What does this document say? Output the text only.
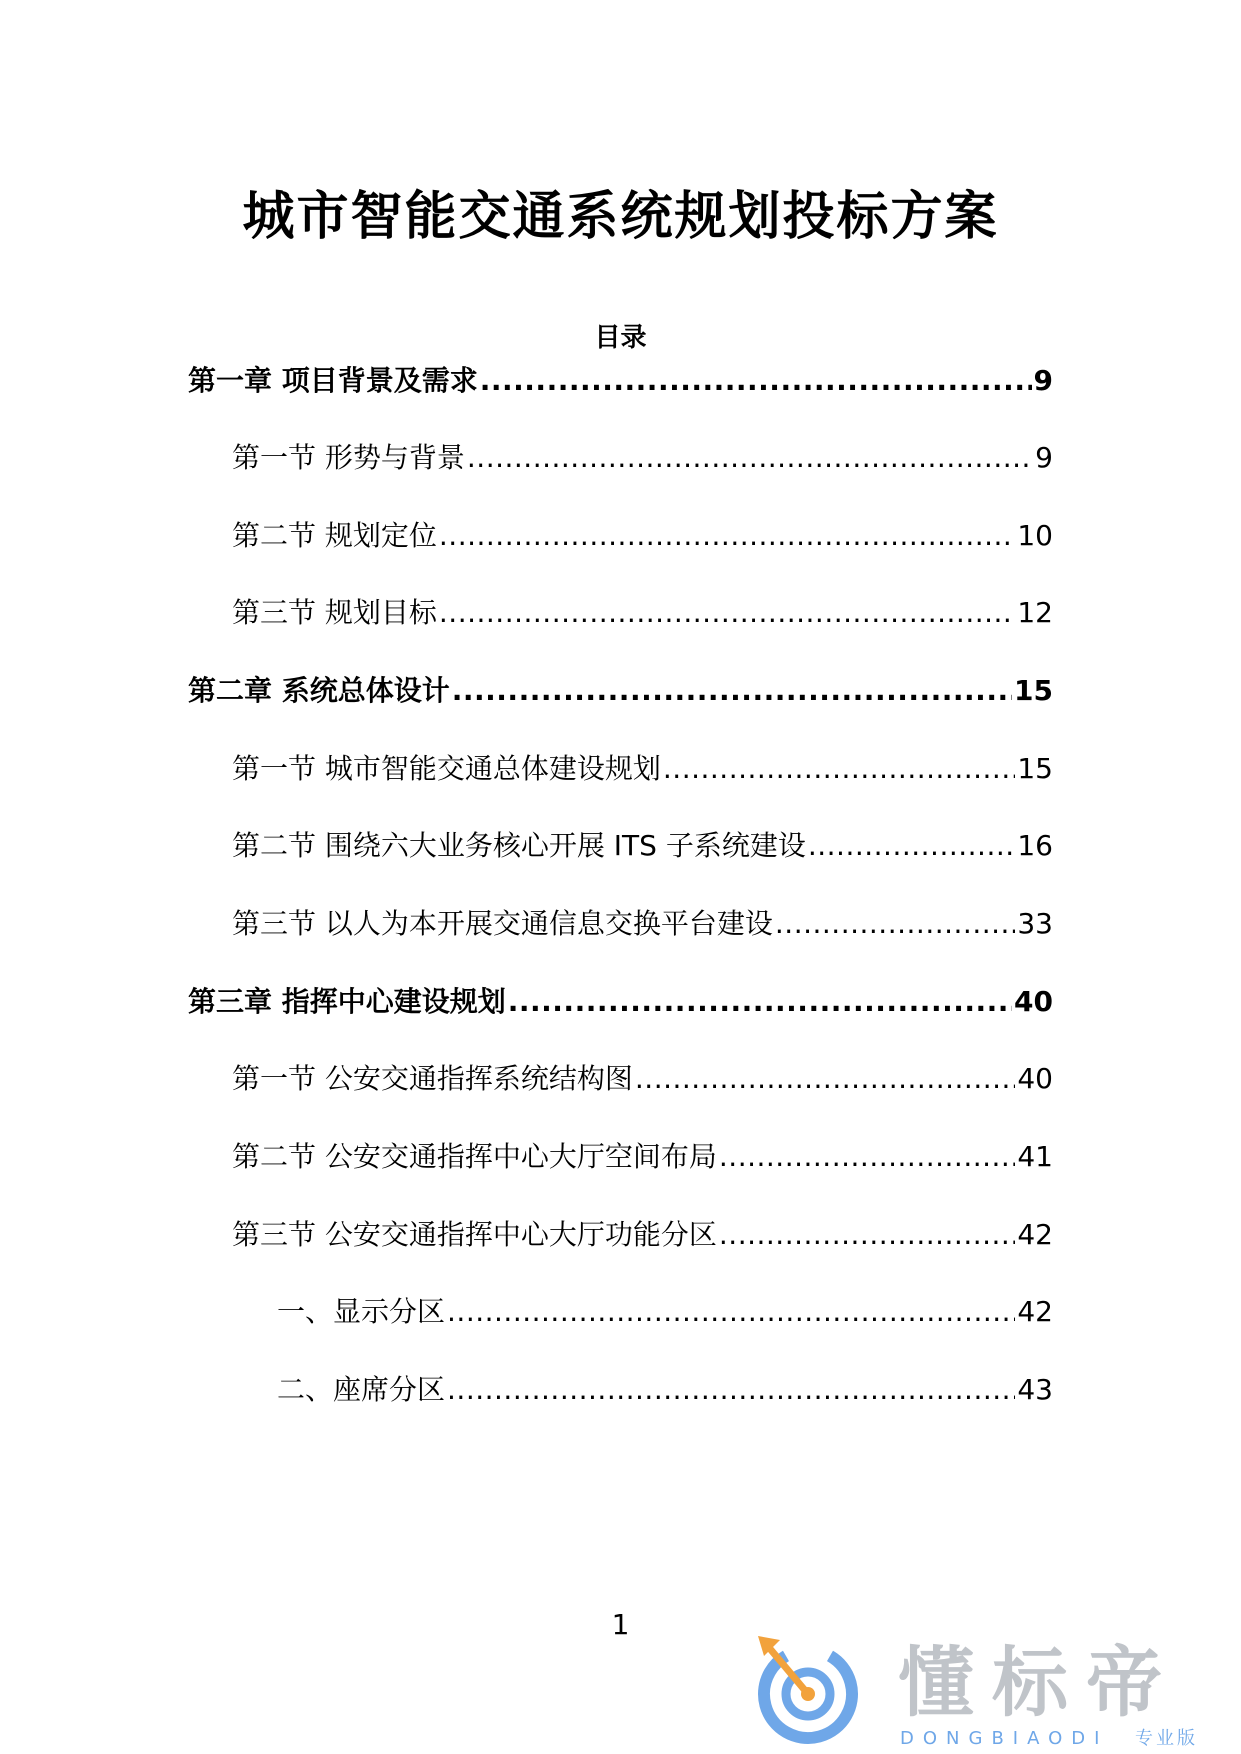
城市智能交通系统规划投标方案
目录
第一章 项目背景及需求 .....	9
第一节 形势与背景 .....	9
第二节 规划定位 .....	10
第三节 规划目标 .....	12
第二章 系统总体设计 .....	15
第一节 城市智能交通总体建设规划 .....	15
第二节 围绕六大业务核心开展 ITS 子系统建设 .....	16
第三节 以人为本开展交通信息交换平台建设 .....	33
第三章 指挥中心建设规划 .....	40
第一节 公安交通指挥系统结构图 .....	40
第二节 公安交通指挥中心大厅空间布局 .....	41
第三节 公安交通指挥中心大厅功能分区 .....	42
一、显示分区 .....	42
二、座席分区 .....	43
1
懂标帝
DONGBIAODI 专业版
